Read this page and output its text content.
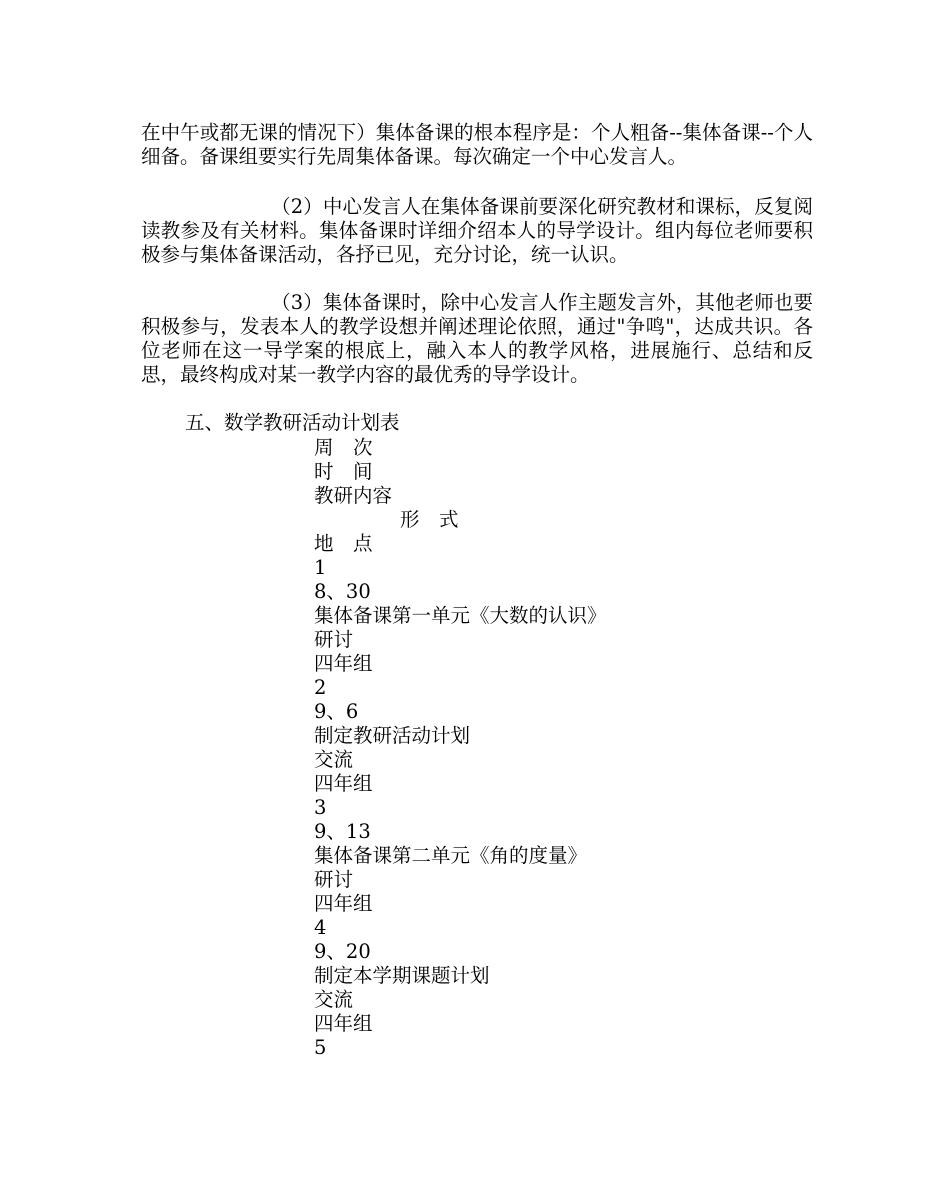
在中午或都无课的情况下）集体备课的根本程序是：个人粗备--集体备课--个人细备。备课组要实行先周集体备课。每次确定一个中心发言人。

（2）中心发言人在集体备课前要深化研究教材和课标，反复阅读教参及有关材料。集体备课时详细介绍本人的导学设计。组内每位老师要积极参与集体备课活动，各抒已见，充分讨论，统一认识。

（3）集体备课时，除中心发言人作主题发言外，其他老师也要积极参与，发表本人的教学设想并阐述理论依照，通过"争鸣"，达成共识。各位老师在这一导学案的根底上，融入本人的教学风格，进展施行、总结和反思，最终构成对某一教学内容的最优秀的导学设计。

五、数学教研活动计划表

周　次
时　间
教研内容
形　式
地　点
1
8、30
集体备课第一单元《大数的认识》
研讨
四年组
2
9、6
制定教研活动计划
交流
四年组
3
9、13
集体备课第二单元《角的度量》
研讨
四年组
4
9、20
制定本学期课题计划
交流
四年组
5
